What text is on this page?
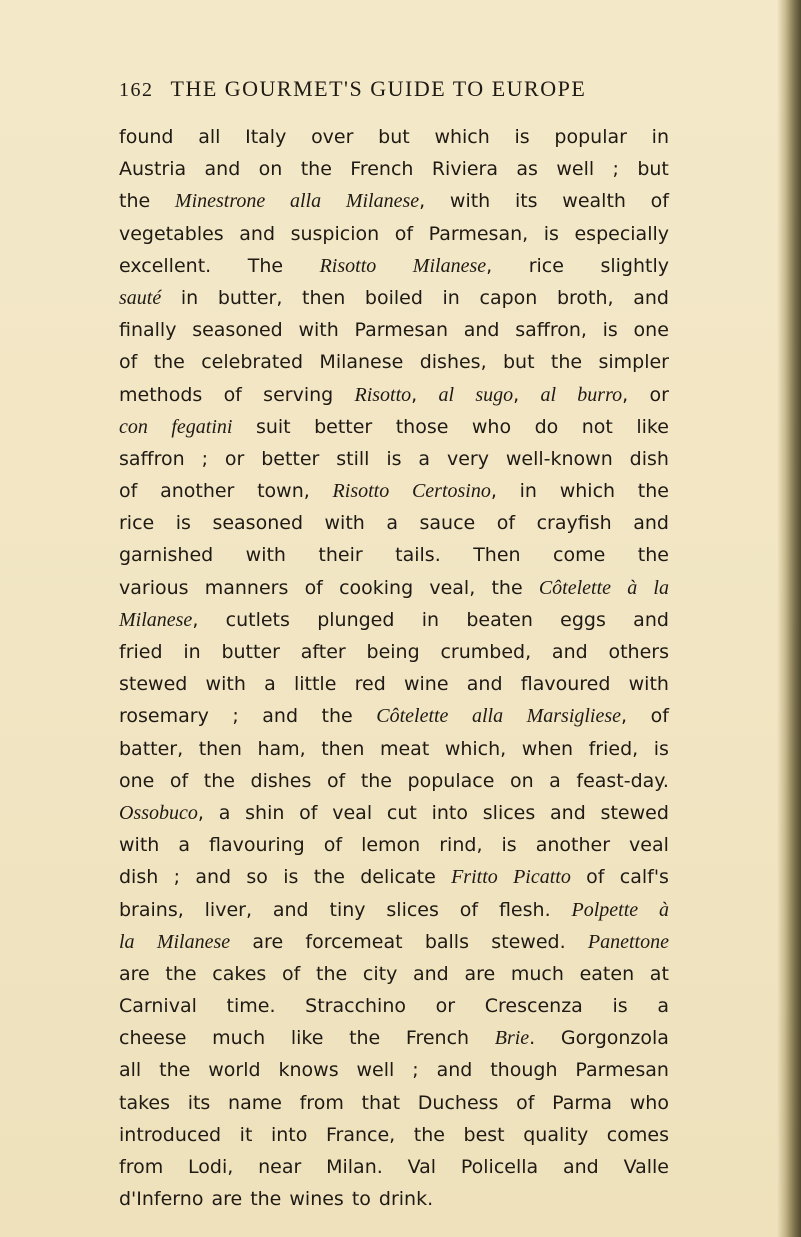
162 THE GOURMET'S GUIDE TO EUROPE
found all Italy over but which is popular in
Austria and on the French Riviera as well ; but
the Minestrone alla Milanese, with its wealth of
vegetables and suspicion of Parmesan, is especially
excellent. The Risotto Milanese, rice slightly
sauté in butter, then boiled in capon broth, and
finally seasoned with Parmesan and saffron, is one
of the celebrated Milanese dishes, but the simpler
methods of serving Risotto, al sugo, al burro, or
con fegatini suit better those who do not like
saffron ; or better still is a very well-known dish
of another town, Risotto Certosino, in which the
rice is seasoned with a sauce of crayfish and
garnished with their tails. Then come the
various manners of cooking veal, the Côtelette à la
Milanese, cutlets plunged in beaten eggs and
fried in butter after being crumbed, and others
stewed with a little red wine and flavoured with
rosemary ; and the Côtelette alla Marsigliese, of
batter, then ham, then meat which, when fried, is
one of the dishes of the populace on a feast-day.
Ossobuco, a shin of veal cut into slices and stewed
with a flavouring of lemon rind, is another veal
dish ; and so is the delicate Fritto Picatto of calf's
brains, liver, and tiny slices of flesh. Polpette à
la Milanese are forcemeat balls stewed. Panettone
are the cakes of the city and are much eaten at
Carnival time. Stracchino or Crescenza is a
cheese much like the French Brie. Gorgonzola
all the world knows well ; and though Parmesan
takes its name from that Duchess of Parma who
introduced it into France, the best quality comes
from Lodi, near Milan. Val Policella and Valle
d'Inferno are the wines to drink.
